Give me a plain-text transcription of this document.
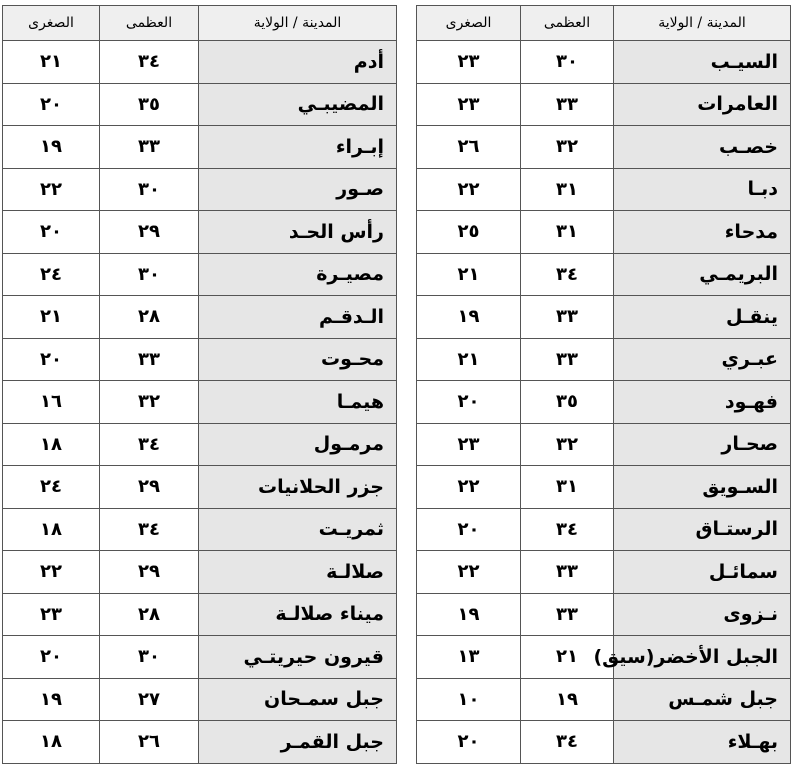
الصغرى	العظمى	المدينة / الولاية
٢٣	٣٠	السيـب
٢٣	٣٣	العامرات
٢٦	٣٢	خصـب
٢٢	٣١	دبـا
٢٥	٣١	مدحاء
٢١	٣٤	البريمـي
١٩	٣٣	ينقـل
٢١	٣٣	عبـري
٢٠	٣٥	فهـود
٢٣	٣٢	صحـار
٢٢	٣١	السـويق
٢٠	٣٤	الرستـاق
٢٢	٣٣	سمائـل
١٩	٣٣	نـزوى
١٣	٢١	الجبل الأخضر(سيق)
١٠	١٩	جبل شمـس
٢٠	٣٤	بهـلاء
الصغرى	العظمى	المدينة / الولاية
٢١	٣٤	أدم
٢٠	٣٥	المضيبـي
١٩	٣٣	إبـراء
٢٢	٣٠	صـور
٢٠	٢٩	رأس الحـد
٢٤	٣٠	مصيـرة
٢١	٢٨	الـدقـم
٢٠	٣٣	محـوت
١٦	٣٢	هيمـا
١٨	٣٤	مرمـول
٢٤	٢٩	جزر الحلانيات
١٨	٣٤	ثمريـت
٢٢	٢٩	صلالـة
٢٣	٢٨	ميناء صلالـة
٢٠	٣٠	قيرون حيريتـي
١٩	٢٧	جبل سمـحان
١٨	٢٦	جبل القمـر
